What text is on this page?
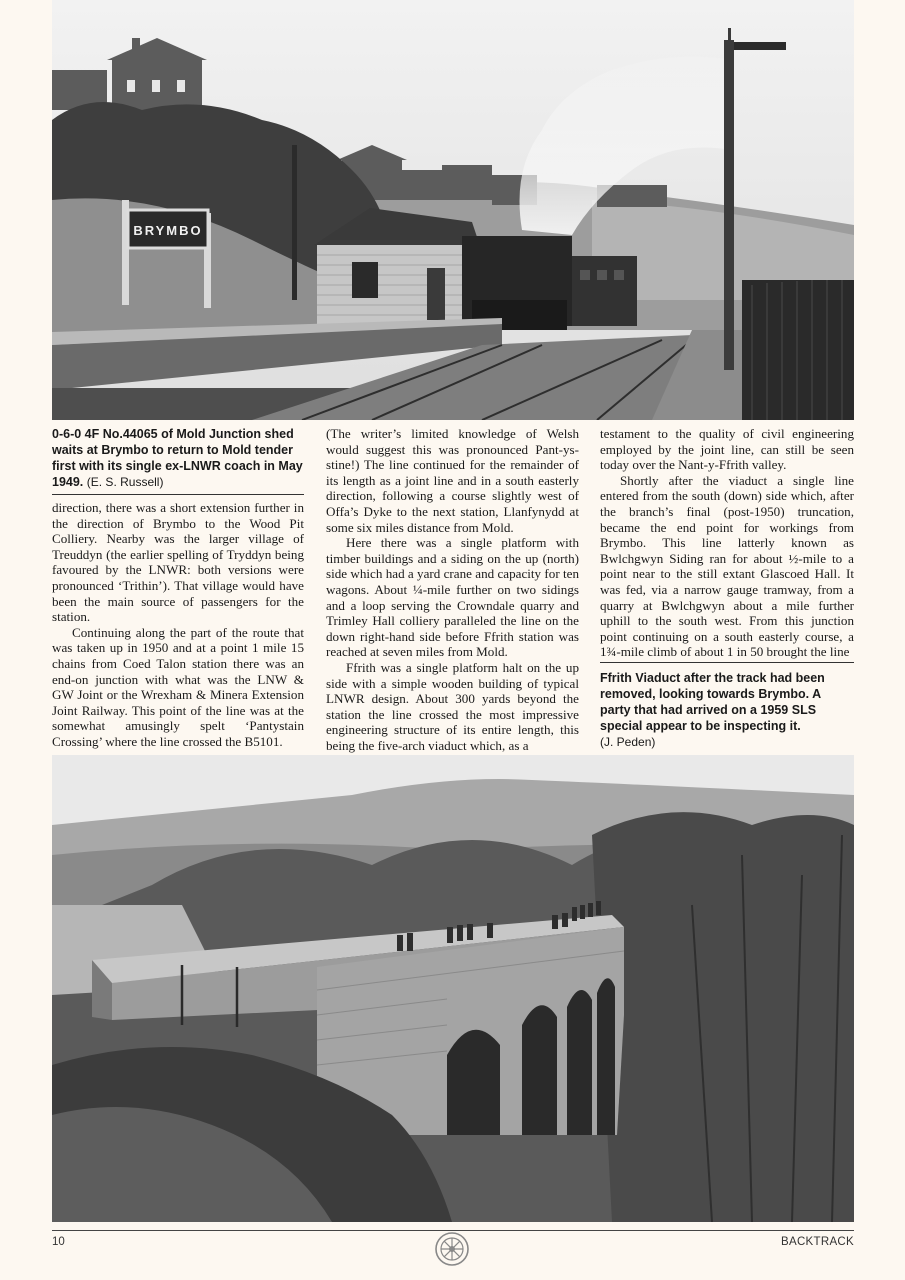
BRYMBO
0-6-0 4F No.44065 of Mold Junction shed waits at Brymbo to return to Mold tender first with its single ex-LNWR coach in May 1949. (E. S. Russell)

direction, there was a short extension further in the direction of Brymbo to the Wood Pit Colliery. Nearby was the larger village of Treuddyn (the earlier spelling of Tryddyn being favoured by the LNWR: both versions were pronounced ‘Trithin’). That village would have been the main source of passengers for the station.

Continuing along the part of the route that was taken up in 1950 and at a point 1 mile 15 chains from Coed Talon station there was an end-on junction with what was the LNW & GW Joint or the Wrexham & Minera Extension Joint Railway. This point of the line was at the somewhat amusingly spelt ‘Pantystain Crossing’ where the line crossed the B5101.

(The writer’s limited knowledge of Welsh would suggest this was pronounced Pant-ys-stine!) The line continued for the remainder of its length as a joint line and in a south easterly direction, following a course slightly west of Offa’s Dyke to the next station, Llanfynydd at some six miles distance from Mold.

Here there was a single platform with timber buildings and a siding on the up (north) side which had a yard crane and capacity for ten wagons. About ¼-mile further on two sidings and a loop serving the Crowndale quarry and Trimley Hall colliery paralleled the line on the down right-hand side before Ffrith station was reached at seven miles from Mold.

Ffrith was a single platform halt on the up side with a simple wooden building of typical LNWR design. About 300 yards beyond the station the line crossed the most impressive engineering structure of its entire length, this being the five-arch viaduct which, as a

testament to the quality of civil engineering employed by the joint line, can still be seen today over the Nant-y-Ffrith valley.

Shortly after the viaduct a single line entered from the south (down) side which, after the branch’s final (post-1950) truncation, became the end point for workings from Brymbo. This line latterly known as Bwlchgwyn Siding ran for about ½-mile to a point near to the still extant Glascoed Hall. It was fed, via a narrow gauge tramway, from a quarry at Bwlchgwyn about a mile further uphill to the south west. From this junction point continuing on a south easterly course, a 1¾-mile climb of about 1 in 50 brought the line

Ffrith Viaduct after the track had been removed, looking towards Brymbo. A party that had arrived on a 1959 SLS special appear to be inspecting it.
(J. Peden)
10	BACKTRACK
